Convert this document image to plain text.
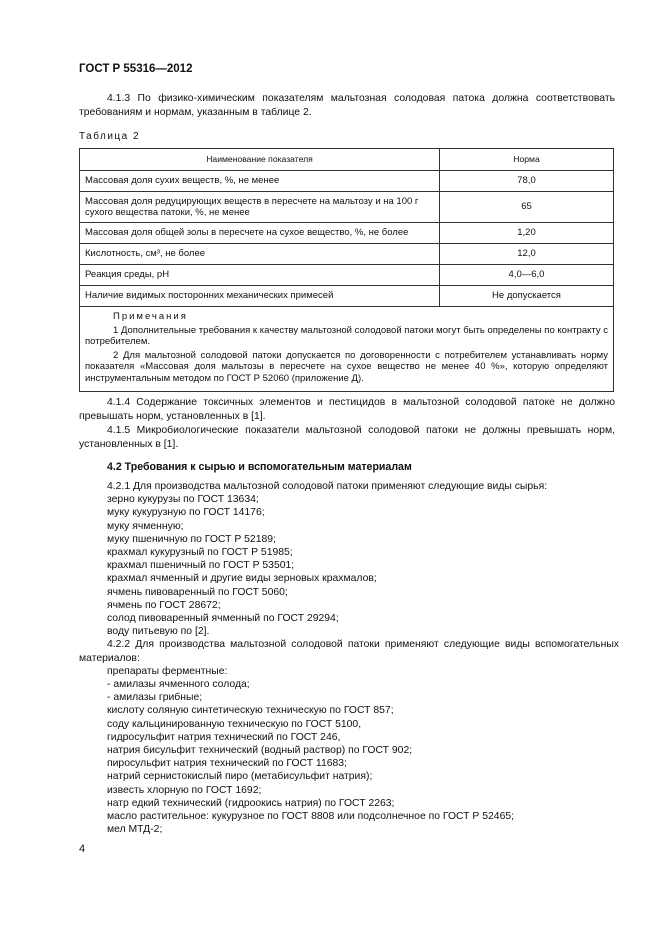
ГОСТ Р 55316—2012
4.1.3 По физико-химическим показателям мальтозная солодовая патока должна соответствовать требованиям и нормам, указанным в таблице 2.
Таблица 2
Наименование показателя	Норма
Массовая доля сухих веществ, %, не менее	78,0
Массовая доля редуцирующих веществ в пересчете на мальтозу и на 100 г сухого вещества патоки, %, не менее	65
Массовая доля общей золы в пересчете на сухое вещество, %, не более	1,20
Кислотность, см³, не более	12,0
Реакция среды, pH	4,0—6,0
Наличие видимых посторонних механических примесей	Не допускается

Примечания
1 Дополнительные требования к качеству мальтозной солодовой патоки могут быть определены по контракту с потребителем.
2 Для мальтозной солодовой патоки допускается по договоренности с потребителем устанавливать норму показателя «Массовая доля мальтозы в пересчете на сухое вещество не менее 40 %», которую определяют инструментальным методом по ГОСТ Р 52060 (приложение Д).	
4.1.4 Содержание токсичных элементов и пестицидов в мальтозной солодовой патоке не должно превышать норм, установленных в [1].
4.1.5 Микробиологические показатели мальтозной солодовой патоки не должны превышать норм, установленных в [1].
4.2 Требования к сырью и вспомогательным материалам
4.2.1 Для производства мальтозной солодовой патоки применяют следующие виды сырья:
зерно кукурузы по ГОСТ 13634;
муку кукурузную по ГОСТ 14176;
муку ячменную;
муку пшеничную по ГОСТ Р 52189;
крахмал кукурузный по ГОСТ Р 51985;
крахмал пшеничный по ГОСТ Р 53501;
крахмал ячменный и другие виды зерновых крахмалов;
ячмень пивоваренный по ГОСТ 5060;
ячмень по ГОСТ 28672;
солод пивоваренный ячменный по ГОСТ 29294;
воду питьевую по [2].
4.2.2 Для производства мальтозной солодовой патоки применяют следующие виды вспомогательных материалов:
препараты ферментные:
- амилазы ячменного солода;
- амилазы грибные;
кислоту соляную синтетическую техническую по ГОСТ 857;
соду кальцинированную техническую по ГОСТ 5100,
гидросульфит натрия технический по ГОСТ 246,
натрия бисульфит технический (водный раствор) по ГОСТ 902;
пиросульфит натрия технический по ГОСТ 11683;
натрий сернистокислый пиро (метабисульфит натрия);
известь хлорную по ГОСТ 1692;
натр едкий технический (гидроокись натрия) по ГОСТ 2263;
масло растительное: кукурузное по ГОСТ 8808 или подсолнечное по ГОСТ Р 52465;
мел МТД-2;
4
